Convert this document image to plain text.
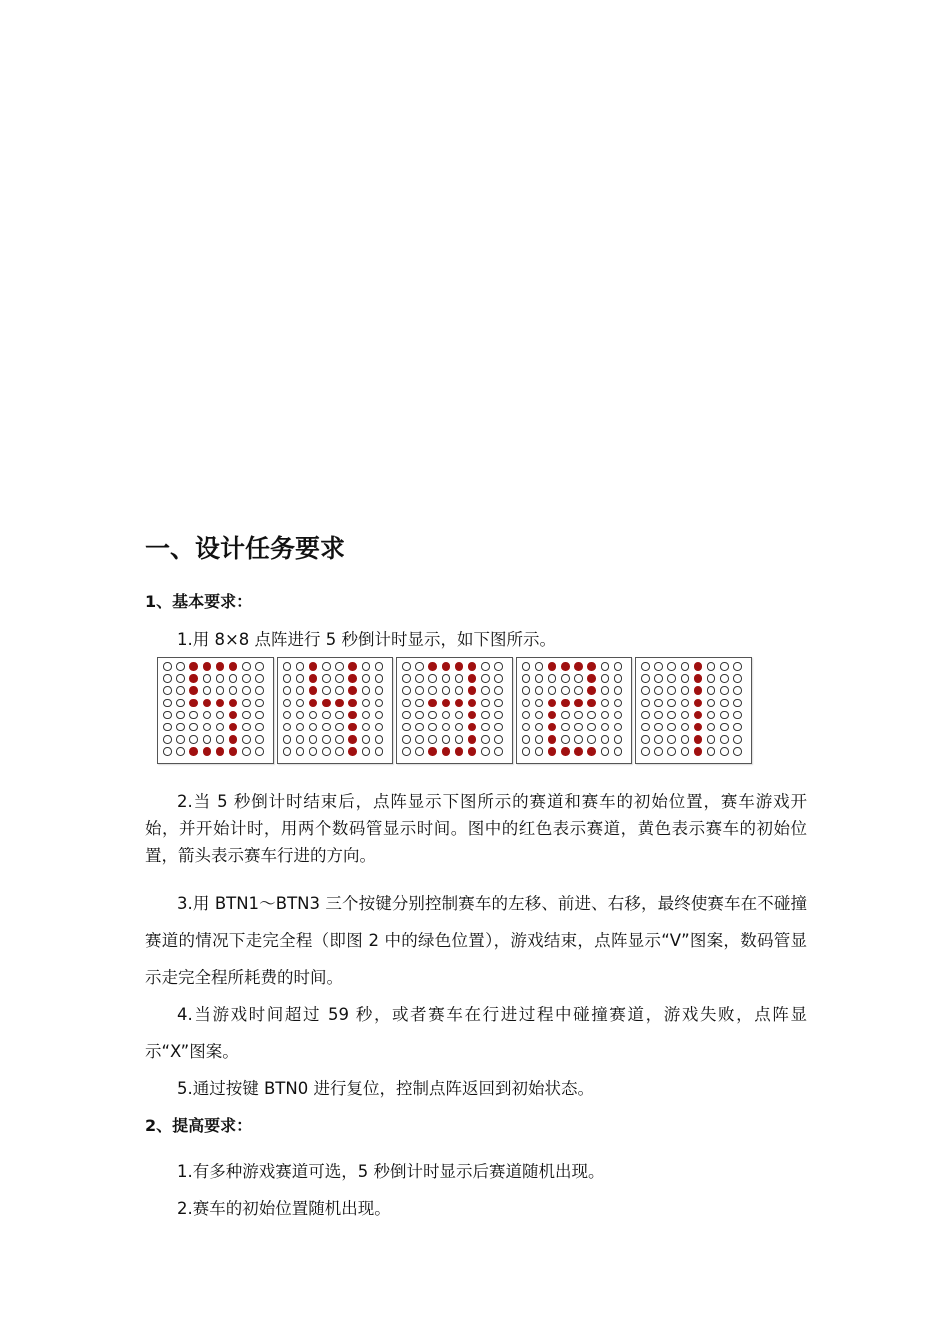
一、设计任务要求
1、基本要求：

1.用 8×8 点阵进行 5 秒倒计时显示，如下图所示。

2.当 5 秒倒计时结束后，点阵显示下图所示的赛道和赛车的初始位置，赛车游戏开始，并开始计时，用两个数码管显示时间。图中的红色表示赛道，黄色表示赛车的初始位置，箭头表示赛车行进的方向。

3.用 BTN1～BTN3 三个按键分别控制赛车的左移、前进、右移，最终使赛车在不碰撞赛道的情况下走完全程（即图 2 中的绿色位置），游戏结束，点阵显示“V”图案，数码管显示走完全程所耗费的时间。

4.当游戏时间超过 59 秒，或者赛车在行进过程中碰撞赛道，游戏失败，点阵显示“X”图案。

5.通过按键 BTN0 进行复位，控制点阵返回到初始状态。

2、提高要求：

1.有多种游戏赛道可选，5 秒倒计时显示后赛道随机出现。

2.赛车的初始位置随机出现。
